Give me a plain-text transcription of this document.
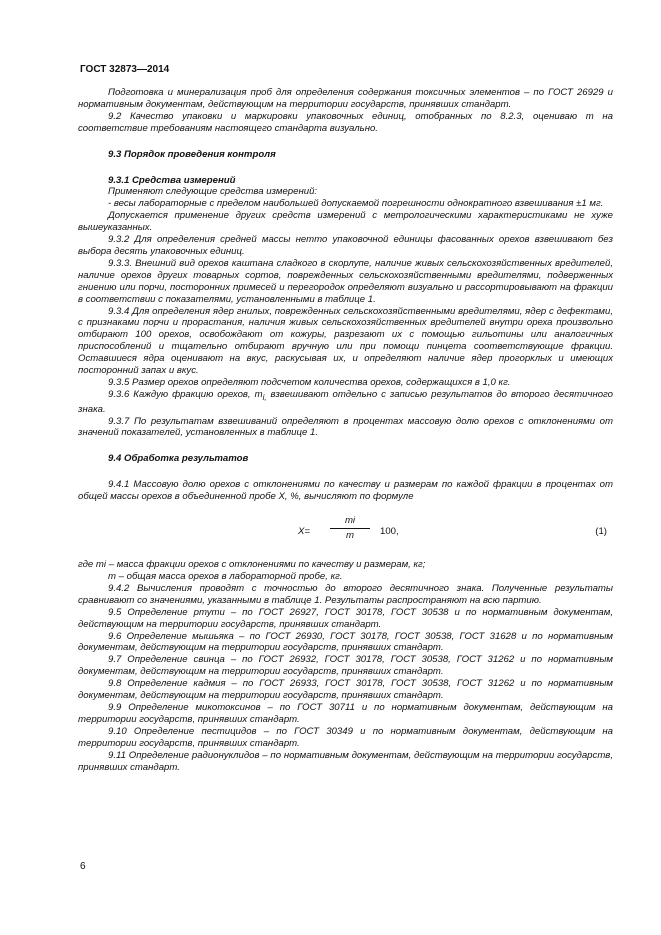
ГОСТ 32873—2014

Подготовка и минерализация проб для определения содержания токсичных элементов – по ГОСТ 26929 и нормативным документам, действующим на территории государств, принявших стандарт.

9.2 Качество упаковки и маркировки упаковочных единиц, отобранных по 8.2.3, оцениваю т на соответствие требованиям настоящего стандарта визуально.

9.3 Порядок проведения контроля

9.3.1 Средства измерений

Применяют следующие средства измерений:

- весы лабораторные с пределом наибольшей допускаемой погрешности однократного взвешивания ±1 мг.

Допускается применение других средств измерений с метрологическими характеристиками не хуже вышеуказанных.

9.3.2 Для определения средней массы нетто упаковочной единицы фасованных орехов взвешивают без выбора десять упаковочных единиц.

9.3.3. Внешний вид орехов каштана сладкого в скорлупе, наличие живых сельскохозяйственных вредителей, наличие орехов других товарных сортов, поврежденных сельскохозяйственными вредителями, подверженных гниению или порчи, посторонних примесей и перегородок определяют визуально и рассортировывают на фракции в соответствии с показателями, установленными в таблице 1.

9.3.4 Для определения ядер гнилых, поврежденных сельскохозяйственными вредителями, ядер с дефектами, с признаками порчи и прорастания, наличия живых сельскохозяйственных вредителей внутри ореха произвольно отбирают 100 орехов, освобождают от кожуры, разрезают их с помощью гильотины или аналогичных приспособлений и тщательно отбирают вручную или при помощи пинцета соответствующие фракции. Оставшиеся ядра оценивают на вкус, раскусывая их, и определяют наличие ядер прогорклых и имеющих посторонний запах и вкус.

9.3.5 Размер орехов определяют подсчетом количества орехов, содержащихся в 1,0 кг.

9.3.6 Каждую фракцию орехов, $m_{i,}$ взвешивают отдельно с записью результатов до второго десятичного знака.

9.3.7 По результатам взвешиваний определяют в процентах массовую долю орехов с отклонениями от значений показателей, установленных в таблице 1.

9.4 Обработка результатов

9.4.1 Массовую долю орехов с отклонениями по качеству и размерам по каждой фракции в процентах от общей массы орехов в объединенной пробе X, %, вычисляют по формуле

X=
mi
m	100,	(1)

где mi – масса фракции орехов с отклонениями по качеству и размерам, кг;

m – общая масса орехов в лабораторной пробе, кг.

9.4.2 Вычисления проводят с точностью до второго десятичного знака. Полученные результаты сравнивают со значениями, указанными в таблице 1. Результаты распространяют на всю партию.

9.5 Определение ртути – по ГОСТ 26927, ГОСТ 30178, ГОСТ 30538 и по нормативным документам, действующим на территории государств, принявших стандарт.

9.6 Определение мышьяка – по ГОСТ 26930, ГОСТ 30178, ГОСТ 30538, ГОСТ 31628 и по нормативным документам, действующим на территории государств, принявших стандарт.

9.7 Определение свинца – по ГОСТ 26932, ГОСТ 30178, ГОСТ 30538, ГОСТ 31262 и по нормативным документам, действующим на территории государств, принявших стандарт.

9.8 Определение кадмия – по ГОСТ 26933, ГОСТ 30178, ГОСТ 30538, ГОСТ 31262 и по нормативным документам, действующим на территории государств, принявших стандарт.

9.9 Определение микотоксинов – по ГОСТ 30711 и по нормативным документам, действующим на территории государств, принявших стандарт.

9.10 Определение пестицидов – по ГОСТ 30349 и по нормативным документам, действующим на территории государств, принявших стандарт.

9.11 Определение радионуклидов – по нормативным документам, действующим на территории государств, принявших стандарт.

6
